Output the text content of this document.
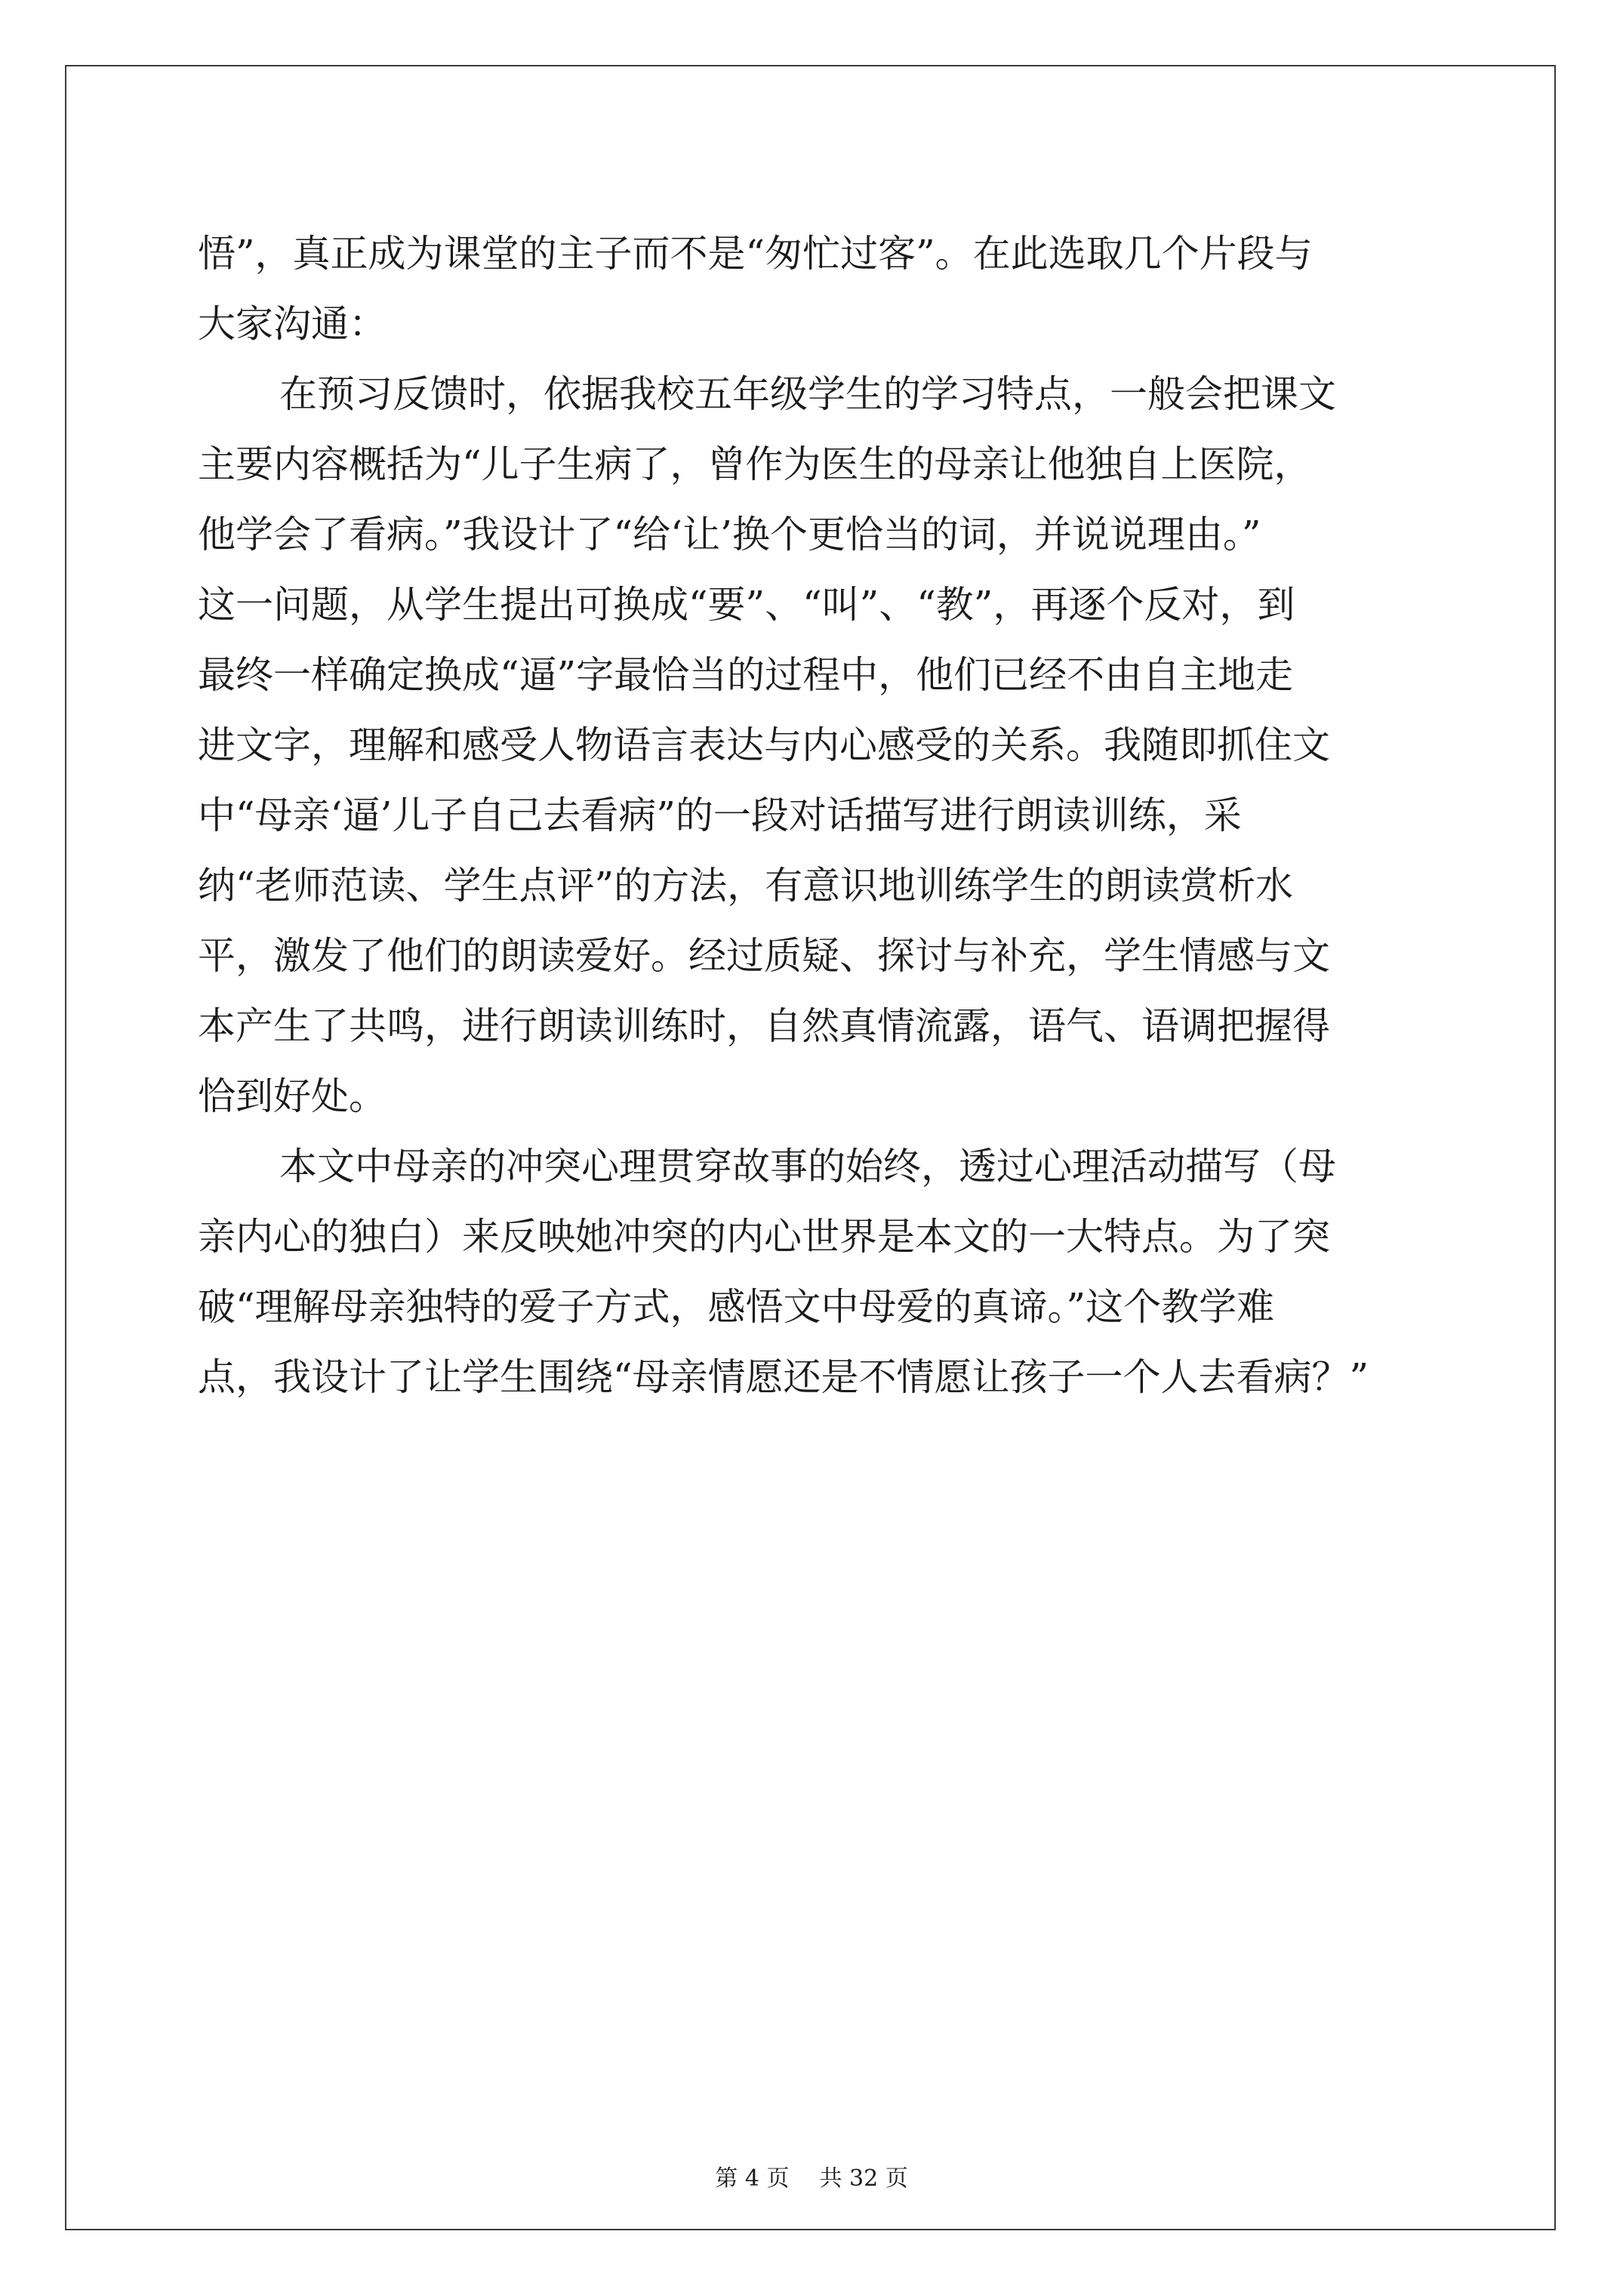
悟”，真正成为课堂的主子而不是“匆忙过客”。在此选取几个片段与
大家沟通：

在预习反馈时，依据我校五年级学生的学习特点，一般会把课文
主要内容概括为“儿子生病了，曾作为医生的母亲让他独自上医院，
他学会了看病。”我设计了“给‘让’换个更恰当的词，并说说理由。”
这一问题，从学生提出可换成“要”、“叫”、“教”，再逐个反对，到
最终一样确定换成“逼”字最恰当的过程中，他们已经不由自主地走
进文字，理解和感受人物语言表达与内心感受的关系。我随即抓住文
中“母亲‘逼’儿子自己去看病”的一段对话描写进行朗读训练，采
纳“老师范读、学生点评”的方法，有意识地训练学生的朗读赏析水
平，激发了他们的朗读爱好。经过质疑、探讨与补充，学生情感与文
本产生了共鸣，进行朗读训练时，自然真情流露，语气、语调把握得
恰到好处。

本文中母亲的冲突心理贯穿故事的始终，透过心理活动描写（母
亲内心的独白）来反映她冲突的内心世界是本文的一大特点。为了突
破“理解母亲独特的爱子方式，感悟文中母爱的真谛。”这个教学难
点，我设计了让学生围绕“母亲情愿还是不情愿让孩子一个人去看病？”

第 4 页 共 32 页
